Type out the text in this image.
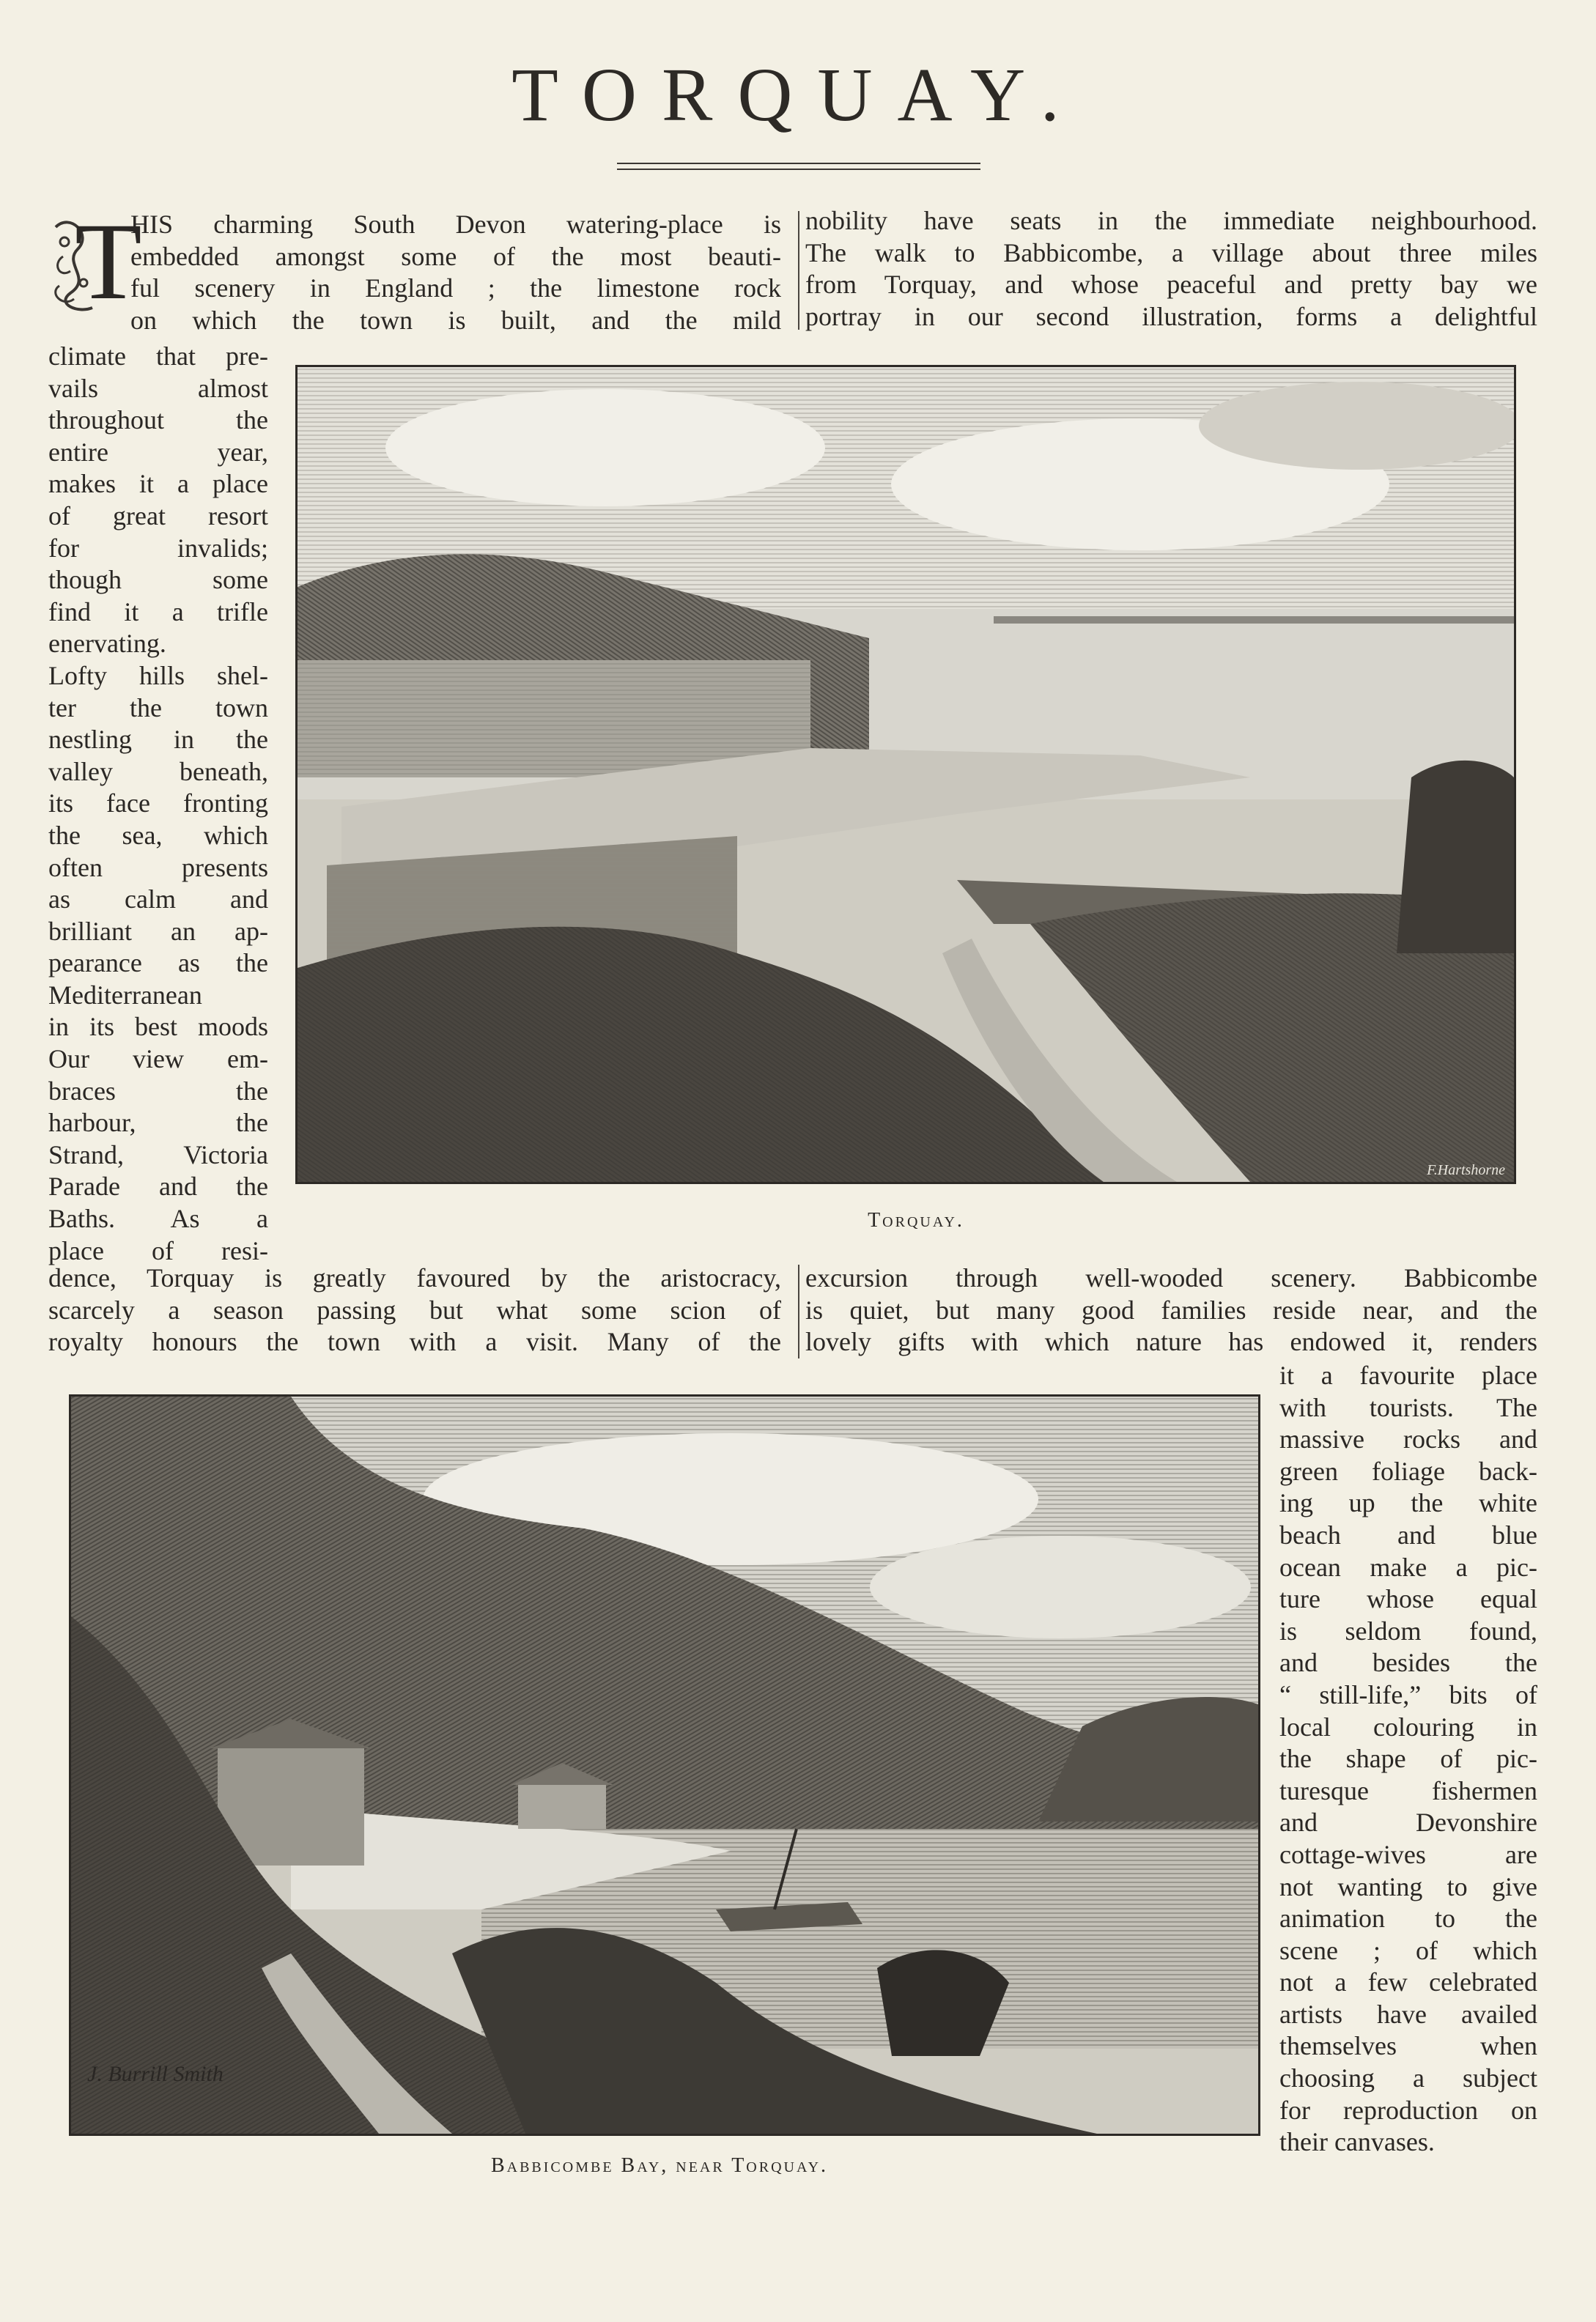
TORQUAY.
T
HIS charming South Devon watering-place is
embedded amongst some of the most beauti-
ful scenery in England ; the limestone rock
on which the town is built, and the mild
nobility have seats in the immediate neighbourhood.
The walk to Babbicombe, a village about three miles
from Torquay, and whose peaceful and pretty bay we
portray in our second illustration, forms a delightful
climate that pre-
vails almost
throughout the
entire year,
makes it a place
of great resort
for invalids;
though some
find it a trifle
enervating.
Lofty hills shel-
ter the town
nestling in the
valley beneath,
its face fronting
the sea, which
often presents
as calm and
brilliant an ap-
pearance as the
Mediterranean
in its best moods
Our view em-
braces the
harbour, the
Strand, Victoria
Parade and the
Baths. As a
place of resi-
F.Hartshorne
Torquay.
dence, Torquay is greatly favoured by the aristocracy,
scarcely a season passing but what some scion of
royalty honours the town with a visit. Many of the
excursion through well-wooded scenery. Babbicombe
is quiet, but many good families reside near, and the
lovely gifts with which nature has endowed it, renders
it a favourite place
with tourists. The
massive rocks and
green foliage back-
ing up the white
beach and blue
ocean make a pic-
ture whose equal
is seldom found,
and besides the
“ still-life,” bits of
local colouring in
the shape of pic-
turesque fishermen
and Devonshire
cottage-wives are
not wanting to give
animation to the
scene ; of which
not a few celebrated
artists have availed
themselves when
choosing a subject
for reproduction on
their canvases.
J. Burrill Smith
Babbicombe Bay, near Torquay.
